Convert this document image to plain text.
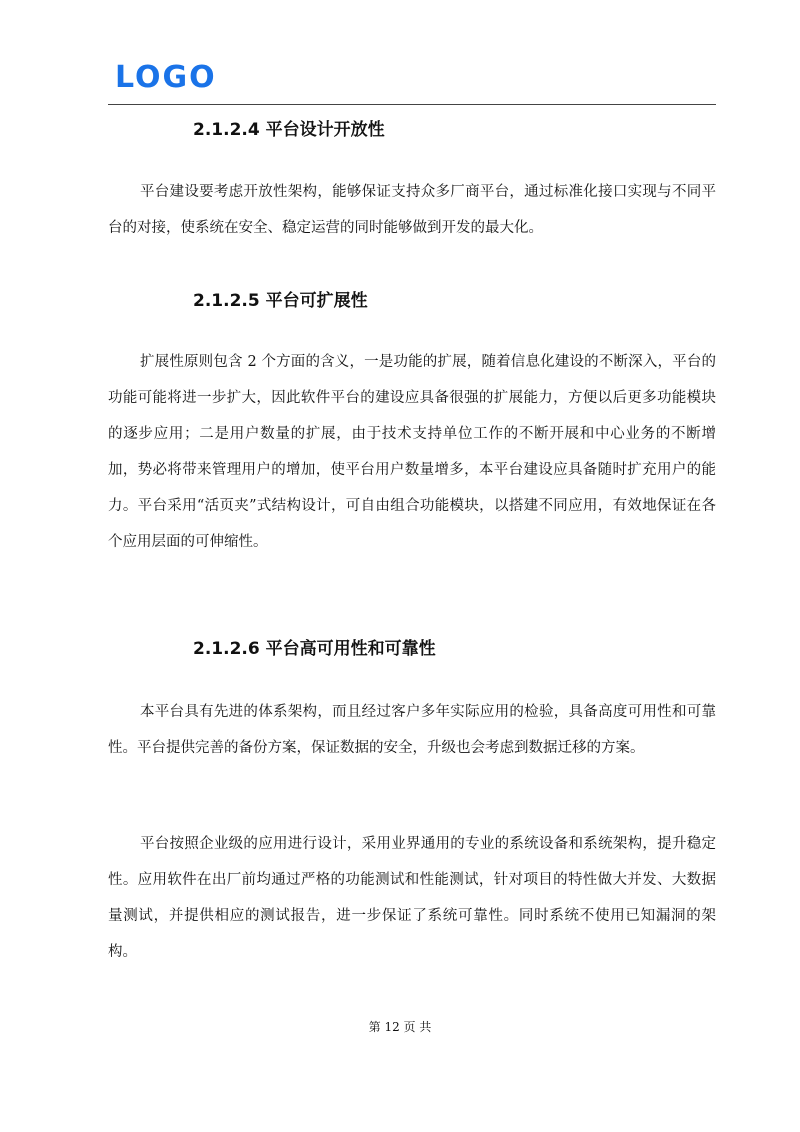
LOGO
2.1.2.4 平台设计开放性
平台建设要考虑开放性架构，能够保证支持众多厂商平台，通过标准化接口实现与不同平台的对接，使系统在安全、稳定运营的同时能够做到开发的最大化。
2.1.2.5 平台可扩展性
扩展性原则包含 2 个方面的含义，一是功能的扩展，随着信息化建设的不断深入，平台的功能可能将进一步扩大，因此软件平台的建设应具备很强的扩展能力，方便以后更多功能模块的逐步应用；二是用户数量的扩展，由于技术支持单位工作的不断开展和中心业务的不断增加，势必将带来管理用户的增加，使平台用户数量增多，本平台建设应具备随时扩充用户的能力。平台采用“活页夹”式结构设计，可自由组合功能模块，以搭建不同应用，有效地保证在各个应用层面的可伸缩性。
2.1.2.6 平台高可用性和可靠性
本平台具有先进的体系架构，而且经过客户多年实际应用的检验，具备高度可用性和可靠性。平台提供完善的备份方案，保证数据的安全，升级也会考虑到数据迁移的方案。
平台按照企业级的应用进行设计，采用业界通用的专业的系统设备和系统架构，提升稳定性。应用软件在出厂前均通过严格的功能测试和性能测试，针对项目的特性做大并发、大数据量测试，并提供相应的测试报告，进一步保证了系统可靠性。同时系统不使用已知漏洞的架构。
第 12 页 共
